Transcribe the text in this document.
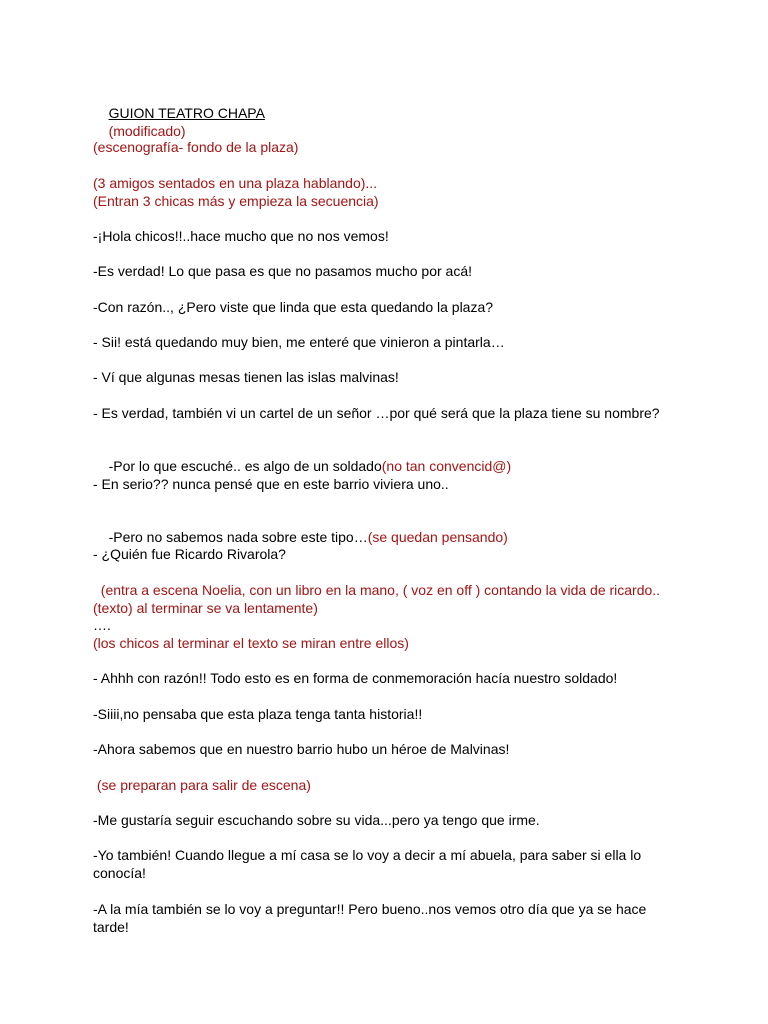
GUION TEATRO CHAPA
(modificado)

(escenografía- fondo de la plaza)
(3 amigos sentados en una plaza hablando)...
(Entran 3 chicas más y empieza la secuencia)
-¡Hola chicos!!..hace mucho que no nos vemos!
-Es verdad! Lo que pasa es que no pasamos mucho por acá!
-Con razón.., ¿Pero viste que linda que esta quedando la plaza?
- Sii! está quedando muy bien, me enteré que vinieron a pintarla…
- Ví que algunas mesas tienen las islas malvinas!
- Es verdad, también vi un cartel de un señor …por qué será que la plaza tiene su nombre?

-Por lo que escuché.. es algo de un soldado(no tan convencid@)

- En serio?? nunca pensé que en este barrio viviera uno..

-Pero no sabemos nada sobre este tipo…(se quedan pensando)

- ¿Quién fue Ricardo Rivarola?
(entra a escena Noelia, con un libro en la mano, ( voz en off ) contando la vida de ricardo..
(texto) al terminar se va lentamente)
….
(los chicos al terminar el texto se miran entre ellos)
- Ahhh con razón!! Todo esto es en forma de conmemoración hacía nuestro soldado!
-Siiii,no pensaba que esta plaza tenga tanta historia!!
-Ahora sabemos que en nuestro barrio hubo un héroe de Malvinas!
(se preparan para salir de escena)
-Me gustaría seguir escuchando sobre su vida...pero ya tengo que irme.
-Yo también! Cuando llegue a mí casa se lo voy a decir a mí abuela, para saber si ella lo conocía!
-A la mía también se lo voy a preguntar!! Pero bueno..nos vemos otro día que ya se hace tarde!
